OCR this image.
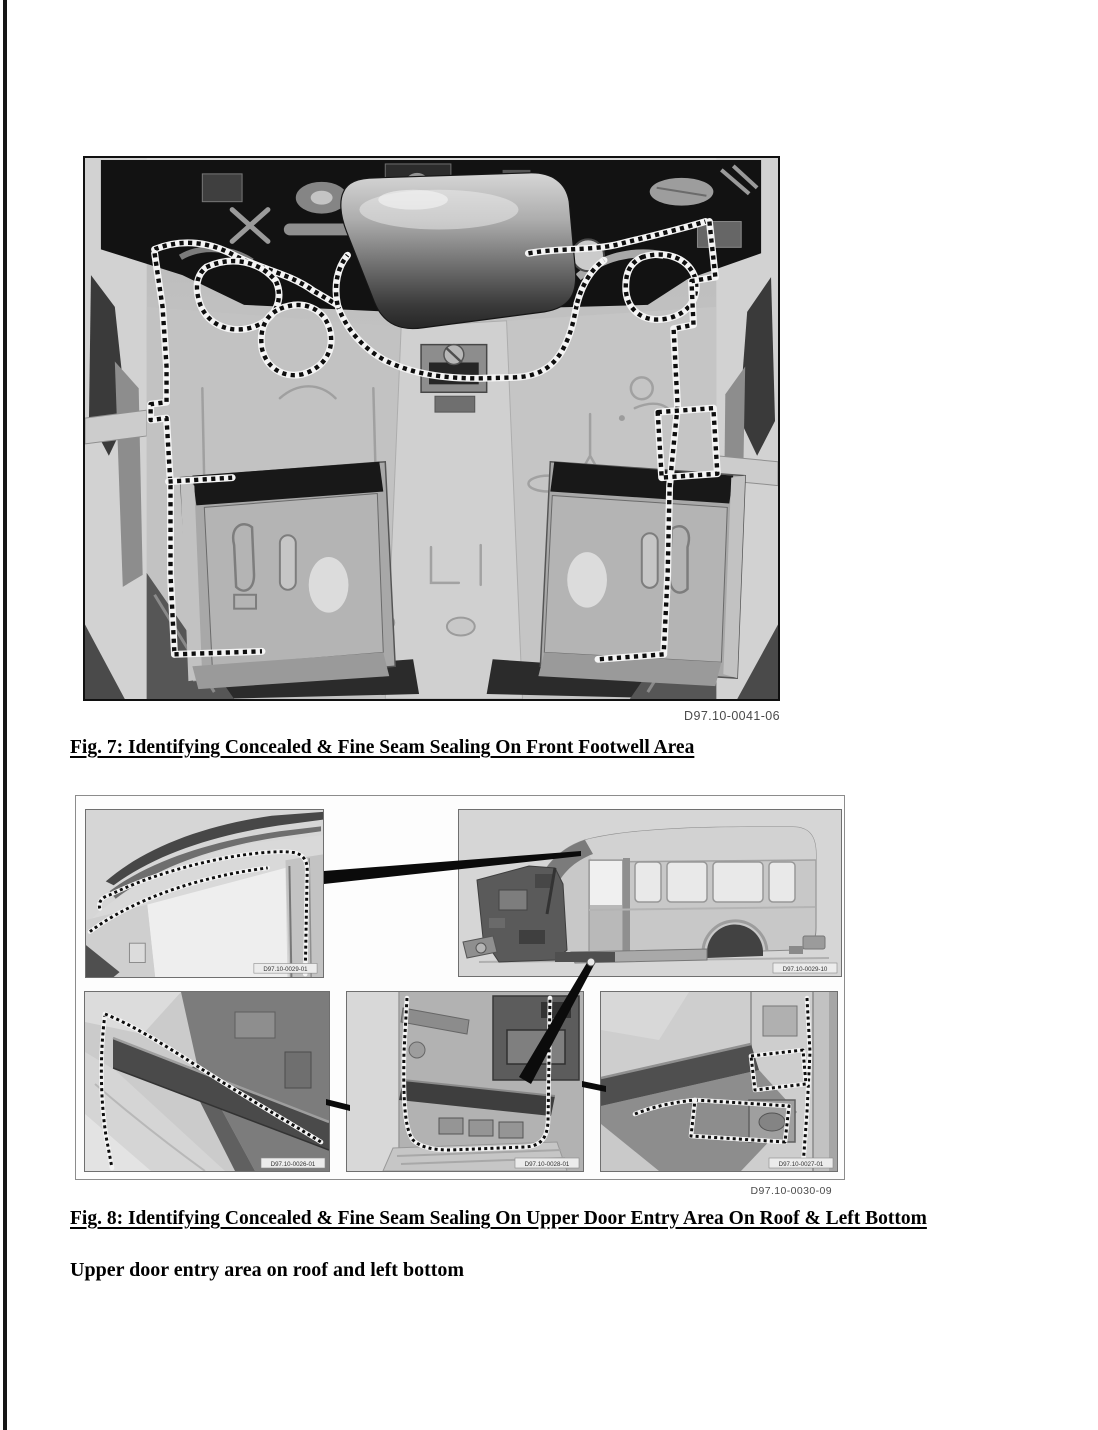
D97.10-0041-06
Fig. 7: Identifying Concealed & Fine Seam Sealing On Front Footwell Area
D97.10-0029-01	D97.10-0029-10
D97.10-0026-01	D97.10-0028-01	D97.10-0027-01
D97.10-0030-09
Fig. 8: Identifying Concealed & Fine Seam Sealing On Upper Door Entry Area On Roof & Left Bottom
Upper door entry area on roof and left bottom
